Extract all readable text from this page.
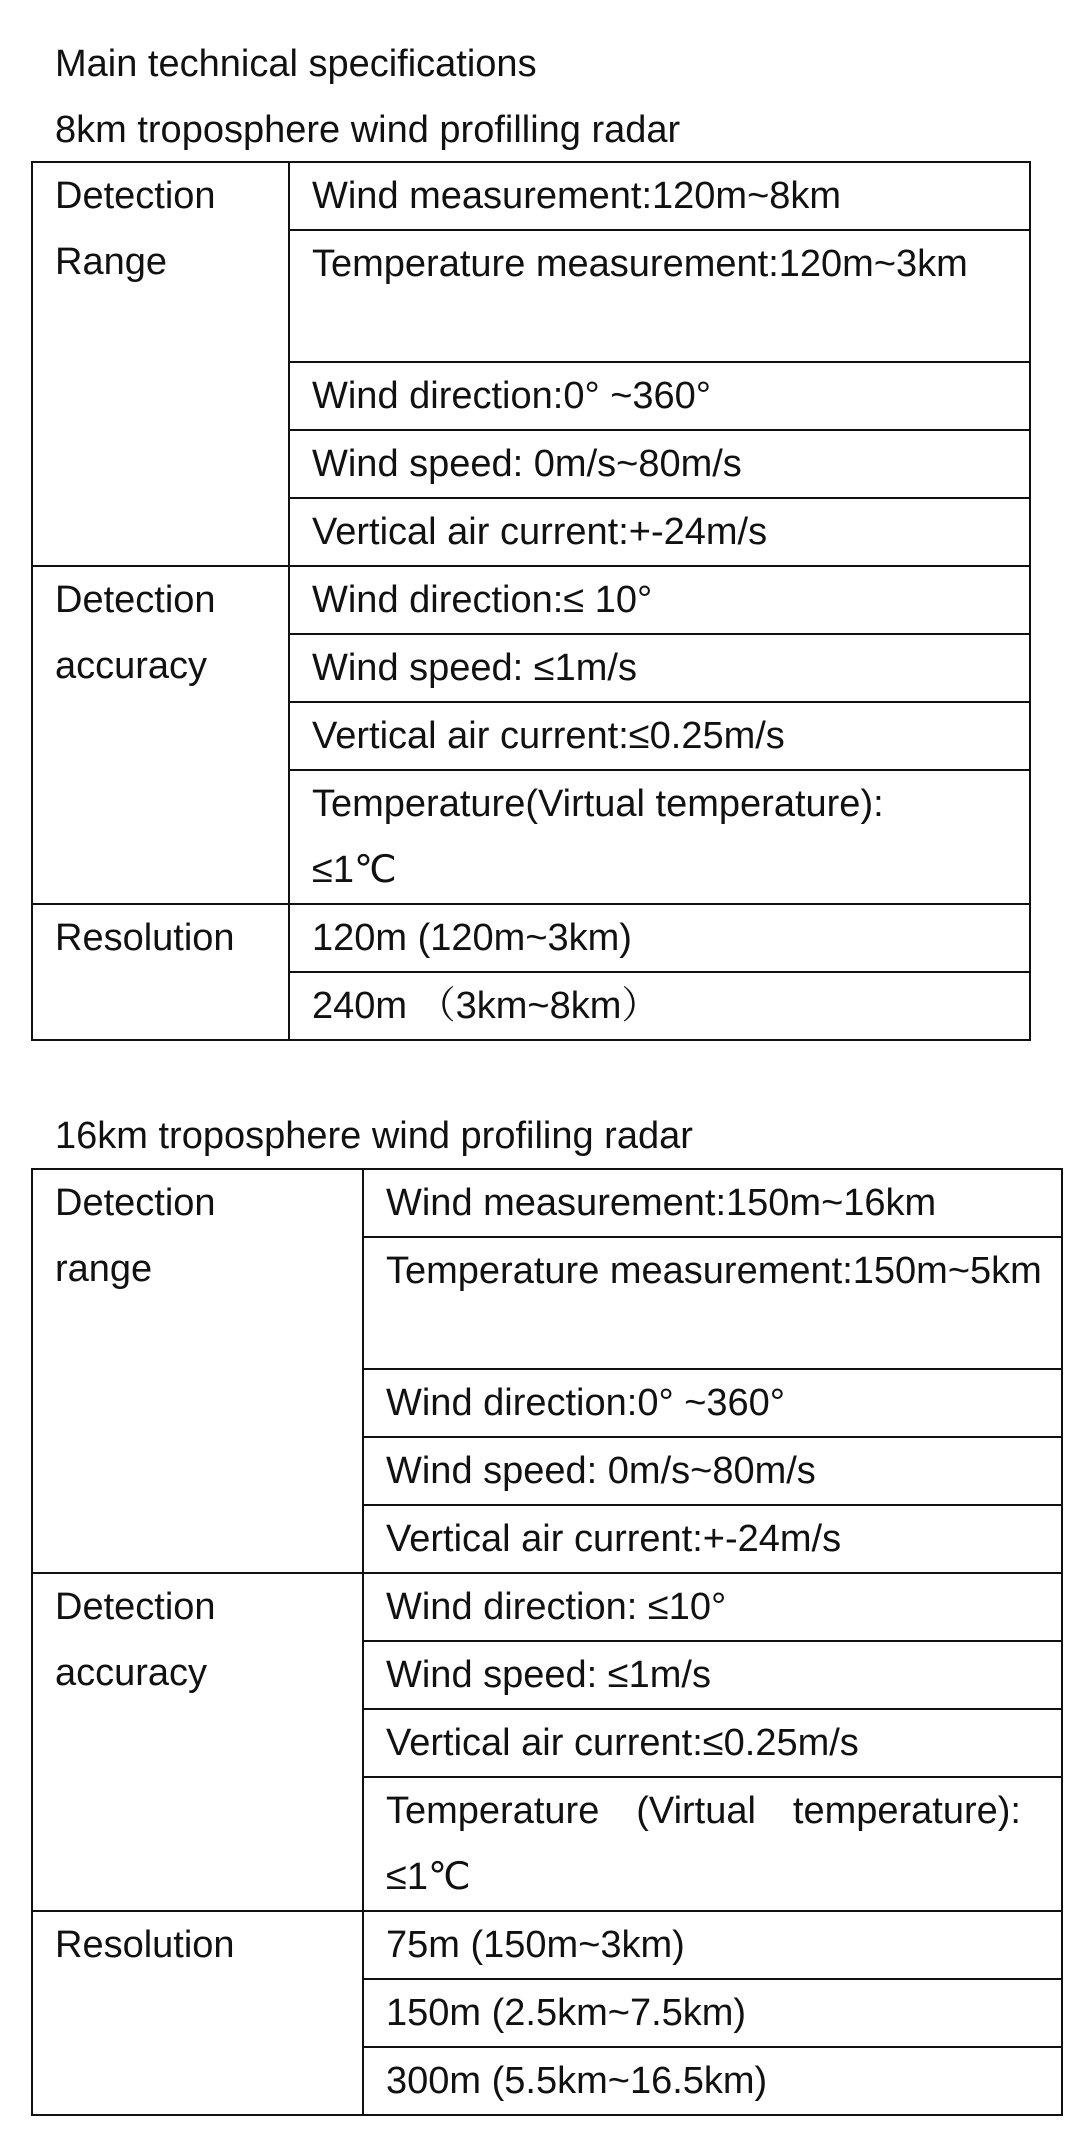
Main technical specifications
8km troposphere wind profilling radar
Detection
Range	Wind measurement:120m~8km
	Temperature measurement:120m~3km
	Wind direction:0° ~360°
	Wind speed: 0m/s~80m/s
	Vertical air current:+-24m/s
Detection
accuracy	Wind direction:≤ 10°
	Wind speed: ≤1m/s
	Vertical air current:≤0.25m/s
	Temperature(Virtual temperature): ≤1℃
Resolution	120m (120m~3km)
	240m （3km~8km）
16km troposphere wind profiling radar
Detection
range	Wind measurement:150m~16km
	Temperature measurement:150m~5km
	Wind direction:0° ~360°
	Wind speed: 0m/s~80m/s
	Vertical air current:+-24m/s
Detection
accuracy	Wind direction: ≤10°
	Wind speed: ≤1m/s
	Vertical air current:≤0.25m/s
	Temperature (Virtual temperature): ≤1℃
Resolution	75m (150m~3km)
	150m (2.5km~7.5km)
	300m (5.5km~16.5km)
